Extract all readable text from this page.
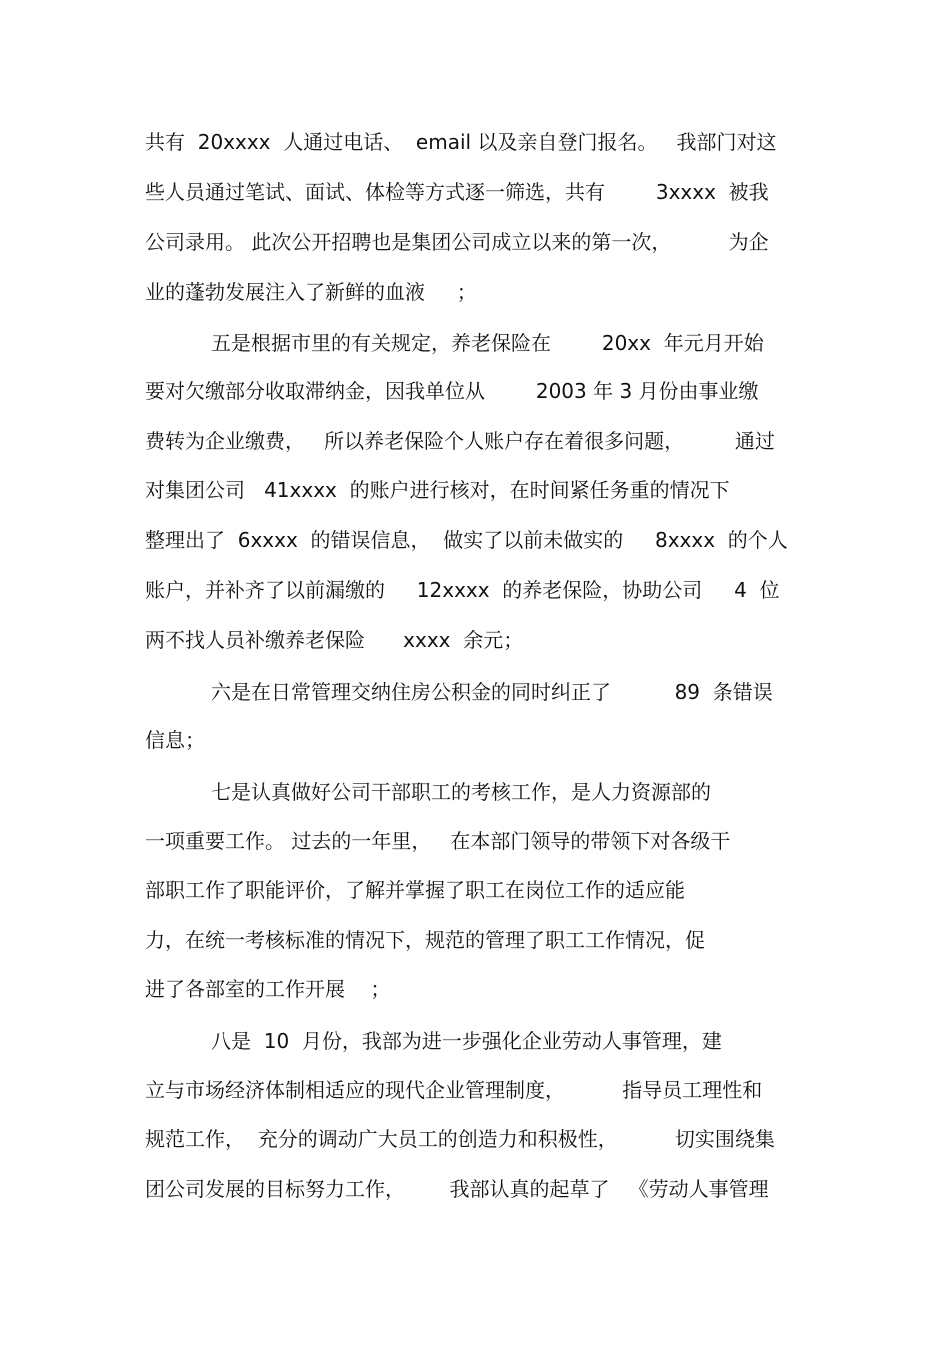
共有  20xxxx  人通过电话、  email 以及亲自登门报名。   我部门对这
些人员通过笔试、面试、体检等方式逐一筛选，共有        3xxxx  被我
公司录用。 此次公开招聘也是集团公司成立以来的第一次，         为企
业的蓬勃发展注入了新鲜的血液     ；
五是根据市里的有关规定，养老保险在        20xx  年元月开始
要对欠缴部分收取滞纳金，因我单位从        2003 年 3 月份由事业缴
费转为企业缴费，   所以养老保险个人账户存在着很多问题，        通过
对集团公司   41xxxx  的账户进行核对，在时间紧任务重的情况下
整理出了  6xxxx  的错误信息，  做实了以前未做实的     8xxxx  的个人
账户，并补齐了以前漏缴的     12xxxx  的养老保险，协助公司     4  位
两不找人员补缴养老保险      xxxx  余元；
六是在日常管理交纳住房公积金的同时纠正了          89  条错误
信息；
七是认真做好公司干部职工的考核工作，是人力资源部的
一项重要工作。 过去的一年里，   在本部门领导的带领下对各级干
部职工作了职能评价，了解并掌握了职工在岗位工作的适应能
力，在统一考核标准的情况下，规范的管理了职工工作情况，促
进了各部室的工作开展    ；
八是  10  月份，我部为进一步强化企业劳动人事管理，建
立与市场经济体制相适应的现代企业管理制度，         指导员工理性和
规范工作，  充分的调动广大员工的创造力和积极性，         切实围绕集
团公司发展的目标努力工作，       我部认真的起草了   《劳动人事管理
